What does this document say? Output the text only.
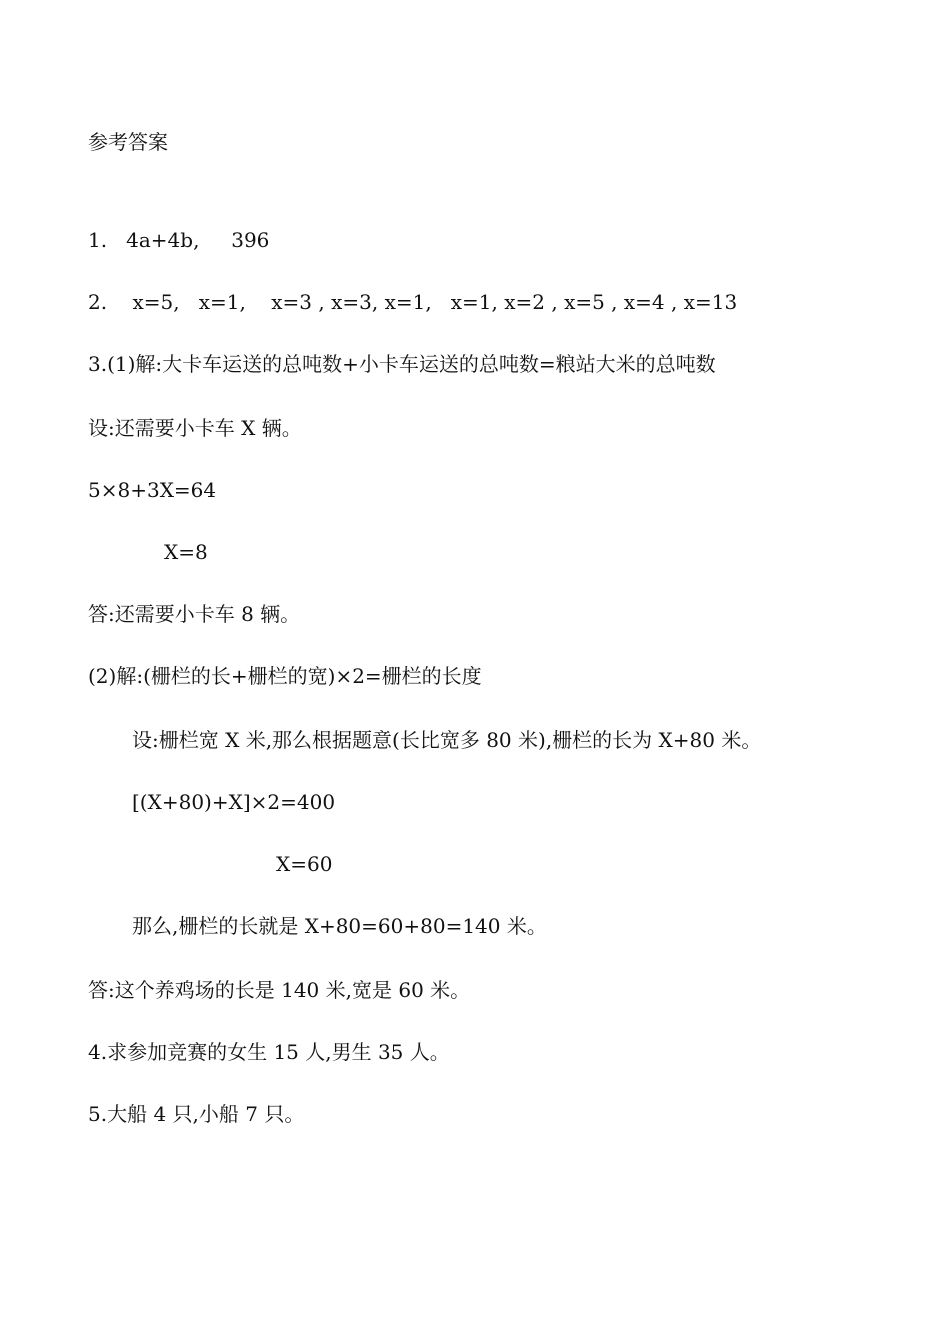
参考答案
1.   4a+4b,     396
2.    x=5,   x=1,    x=3 , x=3, x=1,   x=1, x=2 , x=5 , x=4 , x=13
3.(1)解:大卡车运送的总吨数+小卡车运送的总吨数=粮站大米的总吨数
设:还需要小卡车 X 辆。
5×8+3X=64
X=8
答:还需要小卡车 8 辆。
(2)解:(栅栏的长+栅栏的宽)×2=栅栏的长度
设:栅栏宽 X 米,那么根据题意(长比宽多 80 米),栅栏的长为 X+80 米。
[(X+80)+X]×2=400
X=60
那么,栅栏的长就是 X+80=60+80=140 米。
答:这个养鸡场的长是 140 米,宽是 60 米。
4.求参加竞赛的女生 15 人,男生 35 人。
5.大船 4 只,小船 7 只。
